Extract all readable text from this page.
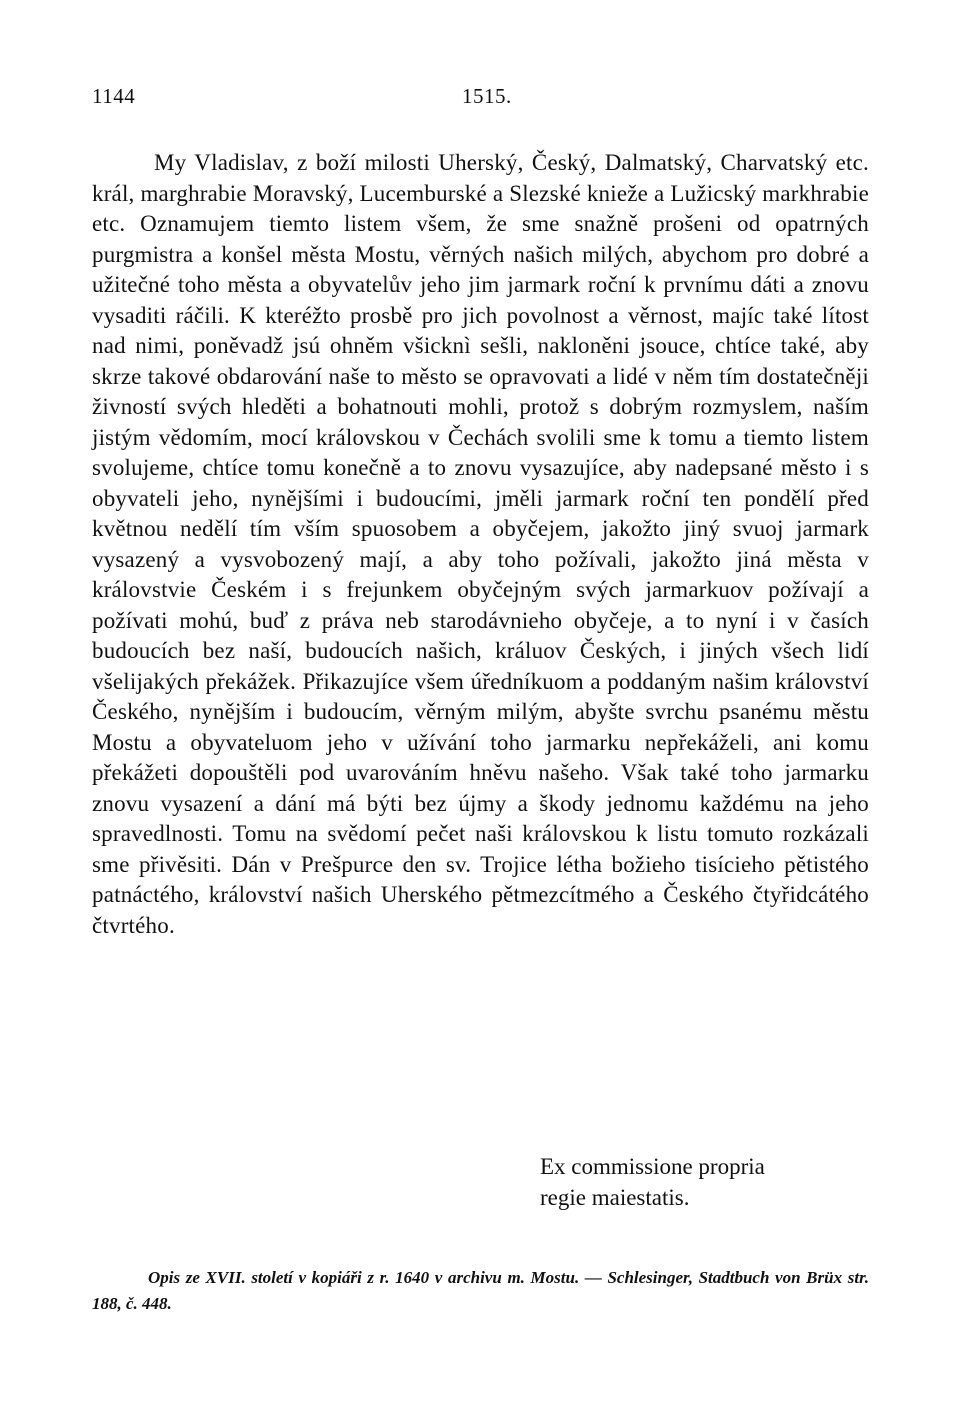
1144	1515.

My Vladislav, z boží milosti Uherský, Český, Dalmatský, Charvatský etc. král, marghrabie Moravský, Lucemburské a Slezské knieže a Lužicský markhrabie etc. Oznamujem tiemto listem všem, že sme snažně prošeni od opatrných purgmistra a konšel města Mostu, věrných našich milých, abychom pro dobré a užitečné toho města a obyvatelův jeho jim jarmark roční k prvnímu dáti a znovu vysaditi ráčili. K kteréžto prosbě pro jich povolnost a věrnost, majíc také lítost nad nimi, poněvadž jsú ohněm všicknì sešli, nakloněni jsouce, chtíce také, aby skrze takové obdarování naše to město se opravovati a lidé v něm tím dostatečněji živností svých hleděti a bohatnouti mohli, protož s dobrým rozmyslem, naším jistým vědomím, mocí královskou v Čechách svolili sme k tomu a tiemto listem svolujeme, chtíce tomu konečně a to znovu vysazujíce, aby nadepsané město i s obyvateli jeho, nynějšími i budoucími, jměli jarmark roční ten pondělí před květnou nedělí tím vším spuosobem a obyčejem, jakožto jiný svuoj jarmark vysazený a vysvobozený mají, a aby toho požívali, jakožto jiná města v královstvie Českém i s frejunkem obyčejným svých jarmarkuov požívají a požívati mohú, buď z práva neb starodávnieho obyčeje, a to nyní i v časích budoucích bez naší, budoucích našich, králuov Českých, i jiných všech lidí všelijakých překážek. Přikazujíce všem úředníkuom a poddaným našim království Českého, nynějším i budoucím, věrným milým, abyšte svrchu psanému městu Mostu a obyvateluom jeho v užívání toho jarmarku nepřekáželi, ani komu překážeti dopouštěli pod uvarováním hněvu našeho. Však také toho jarmarku znovu vysazení a dání má býti bez újmy a škody jednomu každému na jeho spravedlnosti. Tomu na svědomí pečet naši královskou k listu tomuto rozkázali sme přivěsiti. Dán v Prešpurce den sv. Trojice létha božieho tisícieho pětistého patnáctého, království našich Uherského pětmezcítmého a Českého čtyřidcátého čtvrtého.

Ex commissione propria
regie maiestatis.

Opis ze XVII. století v kopiáři z r. 1640 v archivu m. Mostu. — Schlesinger, Stadtbuch von Brüx str. 188, č. 448.
